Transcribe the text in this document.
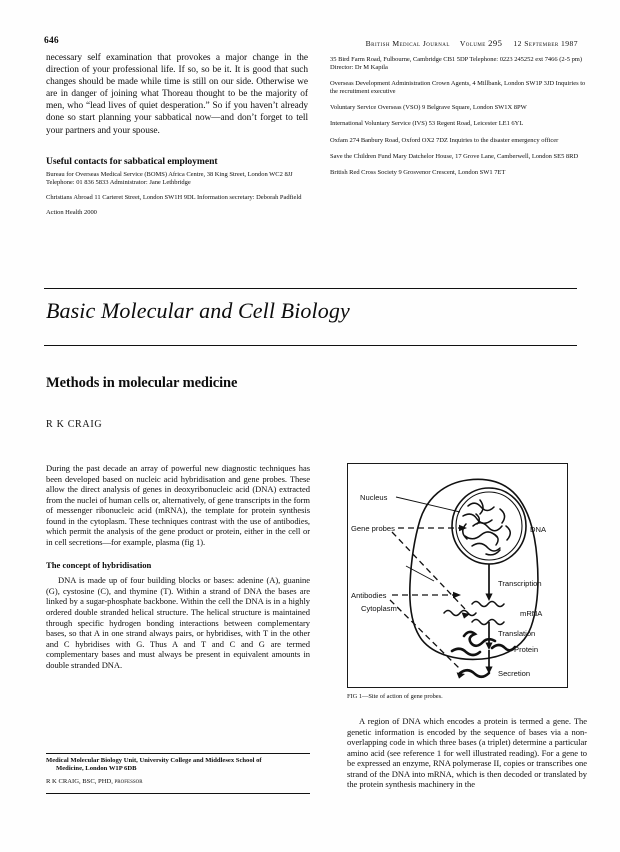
646	British Medical Journal Volume 295 12 September 1987

necessary self examination that provokes a major change in the direction of your professional life. If so, so be it. It is good that such changes should be made while time is still on our side. Otherwise we are in danger of joining what Thoreau thought to be the majority of men, who “lead lives of quiet desperation.” So if you haven’t already done so start planning your sabbatical now—and don’t forget to tell your partners and your spouse.

Useful contacts for sabbatical employment
Bureau for Overseas Medical Service (BOMS) Africa Centre, 38 King Street, London WC2 8JJ Telephone: 01 836 5833 Administrator: Jane Lethbridge
Christians Abroad 11 Carteret Street, London SW1H 9DL Information secretary: Deborah Padfield
Action Health 2000
35 Bird Farm Road, Fulbourne, Cambridge CB1 5DP Telephone: 0223 245252 ext 7466 (2-5 pm) Director: Dr M Kapila
Overseas Development Administration Crown Agents, 4 Millbank, London SW1P 3JD Inquiries to the recruitment executive
Voluntary Service Overseas (VSO) 9 Belgrave Square, London SW1X 8PW
International Voluntary Service (IVS) 53 Regent Road, Leicester LE1 6YL
Oxfam 274 Banbury Road, Oxford OX2 7DZ Inquiries to the disaster emergency officer
Save the Children Fund Mary Datchelor House, 17 Grove Lane, Camberwell, London SE5 8RD
British Red Cross Society 9 Grosvenor Crescent, London SW1 7ET
Basic Molecular and Cell Biology
Methods in molecular medicine
R K CRAIG

During the past decade an array of powerful new diagnostic techniques has been developed based on nucleic acid hybridisation and gene probes. These allow the direct analysis of genes in deoxyribonucleic acid (DNA) extracted from the nuclei of human cells or, alternatively, of gene transcripts in the form of messenger ribonucleic acid (mRNA), the template for protein synthesis found in the cytoplasm. These techniques contrast with the use of antibodies, which permit the analysis of the gene product or protein, either in the cell or in cell secretions—for example, plasma (fig 1).

The concept of hybridisation

DNA is made up of four building blocks or bases: adenine (A), guanine (G), cystosine (C), and thymine (T). Within a strand of DNA the bases are linked by a sugar-phosphate backbone. Within the cell the DNA is in a highly ordered double stranded helical structure. The helical structure is maintained through specific hydrogen bonding interactions between complementary bases, so that A in one strand always pairs, or hybridises, with T in the other and C hybridises with G. Thus A and T and C and G are termed complementary bases and must always be present in equivalent amounts in double stranded DNA.

Nucleus
Gene probes	DNA
Transcription
mRNA
Cytoplasm
Translation
Antibodies
Protein
Secretion
FIG 1—Site of action of gene probes.

A region of DNA which encodes a protein is termed a gene. The genetic information is encoded by the sequence of bases via a non-overlapping code in which three bases (a triplet) determine a particular amino acid (see reference 1 for well illustrated reading). For a gene to be expressed an enzyme, RNA polymerase II, copies or transcribes one strand of the DNA into mRNA, which is then decoded or translated by the protein synthesis machinery in the

Medical Molecular Biology Unit, University College and Middlesex School of
Medicine, London W1P 6DB

R K CRAIG, BSC, PHD, professor
